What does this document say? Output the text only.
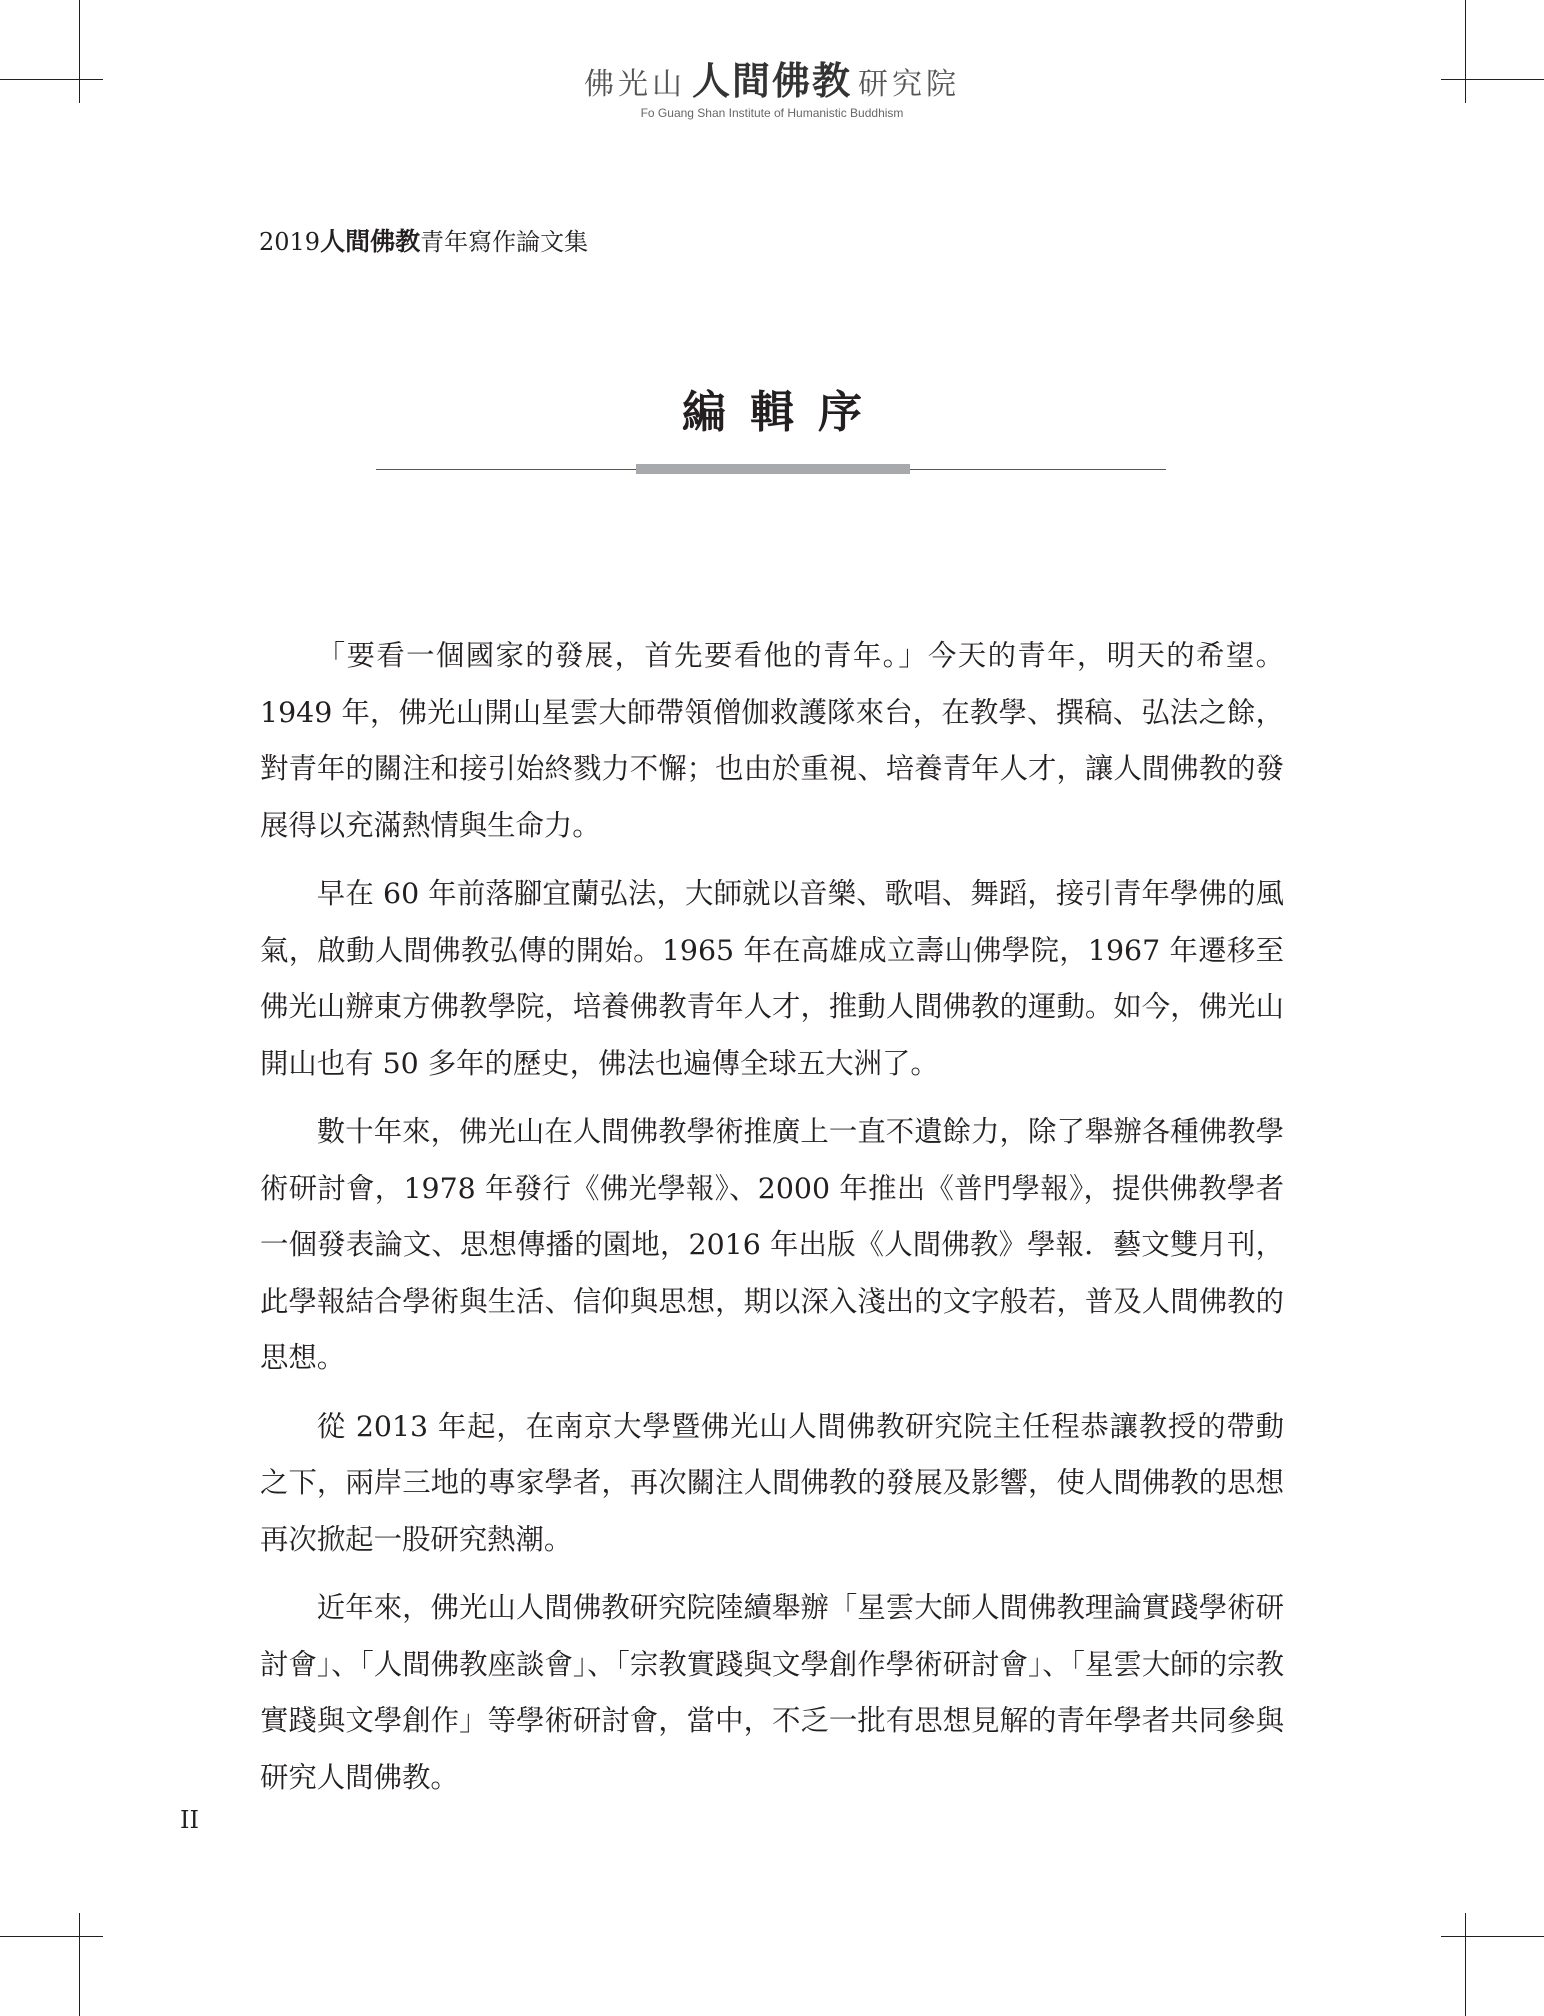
佛光山 人間佛教 研究院
Fo Guang Shan Institute of Humanistic Buddhism
2019人間佛教青年寫作論文集
編輯序

「要看一個國家的發展，首先要看他的青年。」今天的青年，明天的希望。1949 年，佛光山開山星雲大師帶領僧伽救護隊來台，在教學、撰稿、弘法之餘，對青年的關注和接引始終戮力不懈；也由於重視、培養青年人才，讓人間佛教的發展得以充滿熱情與生命力。

早在 60 年前落腳宜蘭弘法，大師就以音樂、歌唱、舞蹈，接引青年學佛的風氣，啟動人間佛教弘傳的開始。1965 年在高雄成立壽山佛學院，1967 年遷移至佛光山辦東方佛教學院，培養佛教青年人才，推動人間佛教的運動。如今，佛光山開山也有 50 多年的歷史，佛法也遍傳全球五大洲了。

數十年來，佛光山在人間佛教學術推廣上一直不遺餘力，除了舉辦各種佛教學術研討會，1978 年發行《佛光學報》、2000 年推出《普門學報》，提供佛教學者一個發表論文、思想傳播的園地，2016 年出版《人間佛教》學報．藝文雙月刊，此學報結合學術與生活、信仰與思想，期以深入淺出的文字般若，普及人間佛教的思想。

從 2013 年起，在南京大學暨佛光山人間佛教研究院主任程恭讓教授的帶動之下，兩岸三地的專家學者，再次關注人間佛教的發展及影響，使人間佛教的思想再次掀起一股研究熱潮。

近年來，佛光山人間佛教研究院陸續舉辦「星雲大師人間佛教理論實踐學術研討會」、「人間佛教座談會」、「宗教實踐與文學創作學術研討會」、「星雲大師的宗教實踐與文學創作」等學術研討會，當中，不乏一批有思想見解的青年學者共同參與研究人間佛教。

II
